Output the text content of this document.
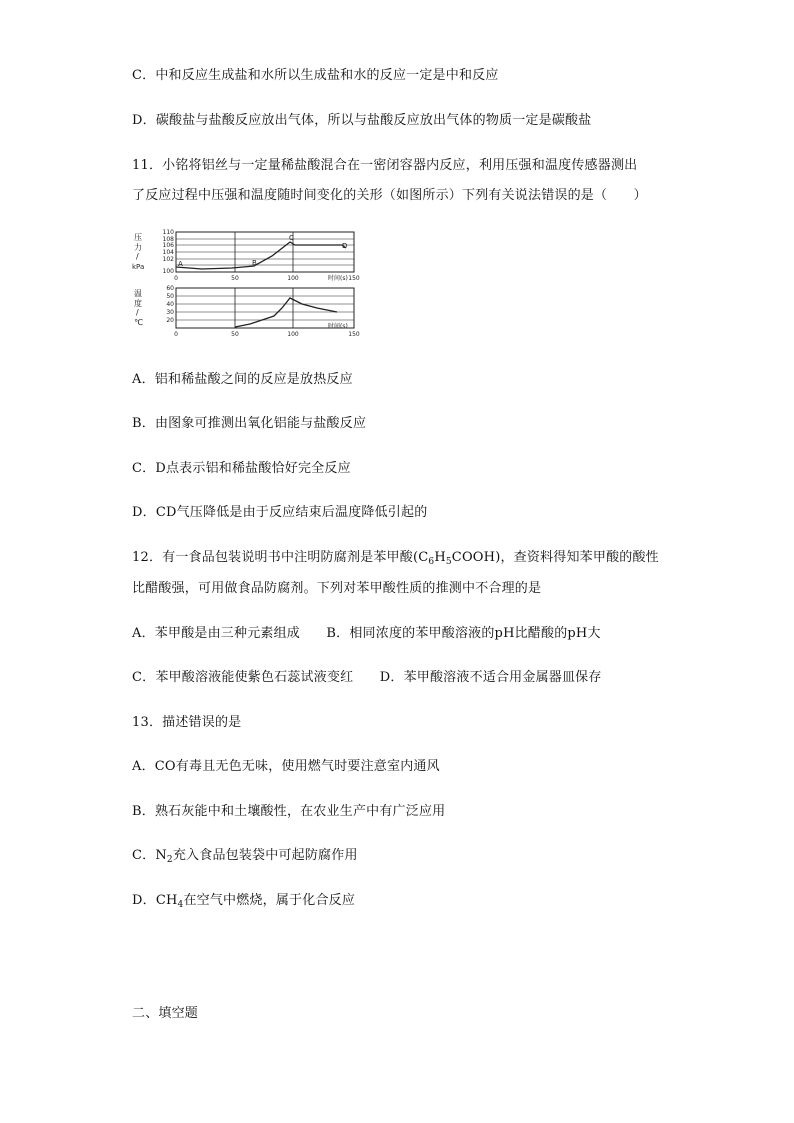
C．中和反应生成盐和水所以生成盐和水的反应一定是中和反应
D．碳酸盐与盐酸反应放出气体，所以与盐酸反应放出气体的物质一定是碳酸盐
11．小铭将铝丝与一定量稀盐酸混合在一密闭容器内反应，利用压强和温度传感器测出
了反应过程中压强和温度随时间变化的关形（如图所示）下列有关说法错误的是（　　）
压
力
/
kPa
110
108
106
104
102
100
0	50	100	150
时间(s)
A	B
C
D
温
度
/
℃
60
50
40
30
20
0	50	100	150
时间(s)
A．铝和稀盐酸之间的反应是放热反应
B．由图象可推测出氧化铝能与盐酸反应
C．D点表示铝和稀盐酸恰好完全反应
D．CD气压降低是由于反应结束后温度降低引起的
12．有一食品包装说明书中注明防腐剂是苯甲酸$(C_6H_5COOH)$，查资料得知苯甲酸的酸性
比醋酸强，可用做食品防腐剂。下列对苯甲酸性质的推测中不合理的是
A．苯甲酸是由三种元素组成　　B．相同浓度的苯甲酸溶液的pH比醋酸的pH大
C．苯甲酸溶液能使紫色石蕊试液变红　　D．苯甲酸溶液不适合用金属器皿保存
13．描述错误的是
A．CO有毒且无色无味，使用燃气时要注意室内通风
B．熟石灰能中和土壤酸性，在农业生产中有广泛应用
C．$N_2$充入食品包装袋中可起防腐作用
D．$CH_4$在空气中燃烧，属于化合反应
二、填空题
